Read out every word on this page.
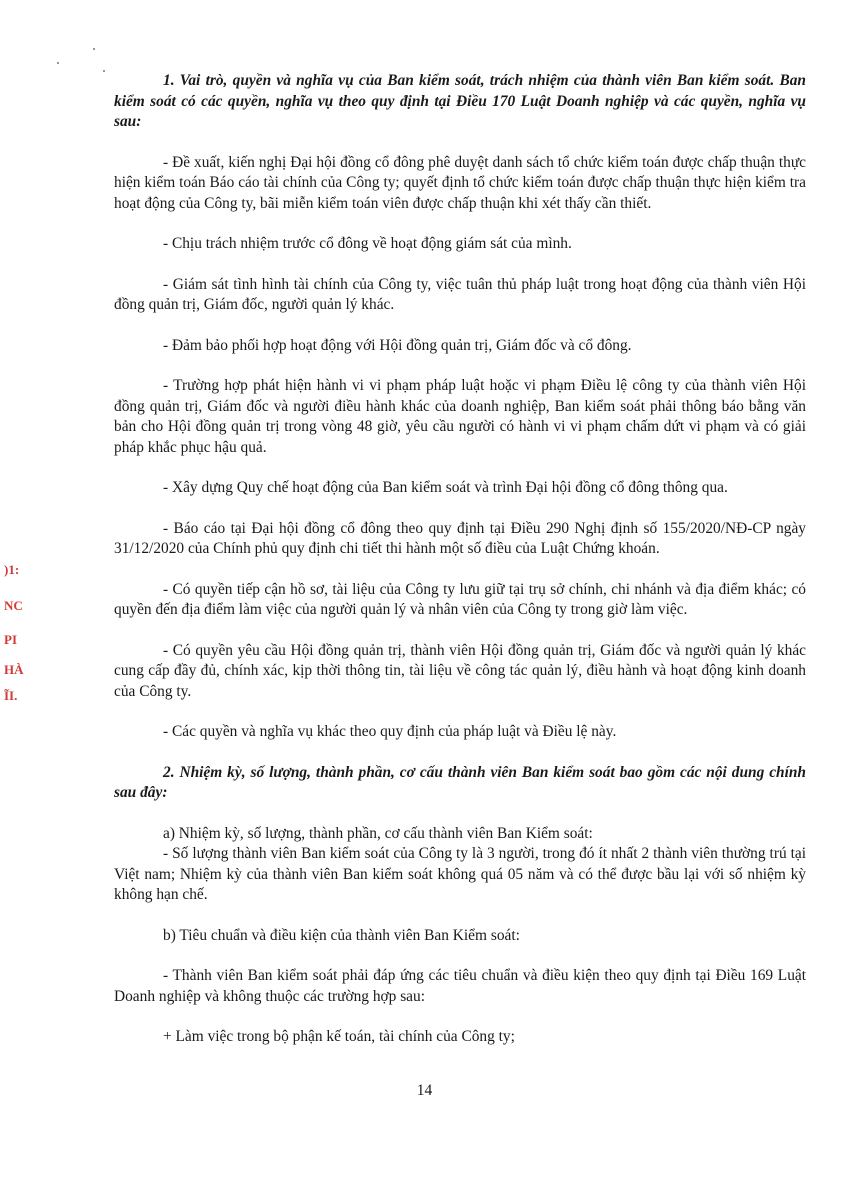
)1:
NC
PI
HÀ
ĨI.

1. Vai trò, quyền và nghĩa vụ của Ban kiểm soát, trách nhiệm của thành viên Ban kiểm soát. Ban kiểm soát có các quyền, nghĩa vụ theo quy định tại Điều 170 Luật Doanh nghiệp và các quyền, nghĩa vụ sau:

- Đề xuất, kiến nghị Đại hội đồng cổ đông phê duyệt danh sách tổ chức kiểm toán được chấp thuận thực hiện kiểm toán Báo cáo tài chính của Công ty; quyết định tổ chức kiểm toán được chấp thuận thực hiện kiểm tra hoạt động của Công ty, bãi miễn kiểm toán viên được chấp thuận khi xét thấy cần thiết.

- Chịu trách nhiệm trước cổ đông về hoạt động giám sát của mình.

- Giám sát tình hình tài chính của Công ty, việc tuân thủ pháp luật trong hoạt động của thành viên Hội đồng quản trị, Giám đốc, người quản lý khác.

- Đảm bảo phối hợp hoạt động với Hội đồng quản trị, Giám đốc và cổ đông.

- Trường hợp phát hiện hành vi vi phạm pháp luật hoặc vi phạm Điều lệ công ty của thành viên Hội đồng quản trị, Giám đốc và người điều hành khác của doanh nghiệp, Ban kiểm soát phải thông báo bằng văn bản cho Hội đồng quản trị trong vòng 48 giờ, yêu cầu người có hành vi vi phạm chấm dứt vi phạm và có giải pháp khắc phục hậu quả.

- Xây dựng Quy chế hoạt động của Ban kiểm soát và trình Đại hội đồng cổ đông thông qua.

- Báo cáo tại Đại hội đồng cổ đông theo quy định tại Điều 290 Nghị định số 155/2020/NĐ-CP ngày 31/12/2020 của Chính phủ quy định chi tiết thi hành một số điều của Luật Chứng khoán.

- Có quyền tiếp cận hồ sơ, tài liệu của Công ty lưu giữ tại trụ sở chính, chi nhánh và địa điểm khác; có quyền đến địa điểm làm việc của người quản lý và nhân viên của Công ty trong giờ làm việc.

- Có quyền yêu cầu Hội đồng quản trị, thành viên Hội đồng quản trị, Giám đốc và người quản lý khác cung cấp đầy đủ, chính xác, kịp thời thông tin, tài liệu về công tác quản lý, điều hành và hoạt động kinh doanh của Công ty.

- Các quyền và nghĩa vụ khác theo quy định của pháp luật và Điều lệ này.

2. Nhiệm kỳ, số lượng, thành phần, cơ cấu thành viên Ban kiểm soát bao gồm các nội dung chính sau đây:

a) Nhiệm kỳ, số lượng, thành phần, cơ cấu thành viên Ban Kiểm soát:

- Số lượng thành viên Ban kiểm soát của Công ty là 3 người, trong đó ít nhất 2 thành viên thường trú tại Việt nam; Nhiệm kỳ của thành viên Ban kiểm soát không quá 05 năm và có thể được bầu lại với số nhiệm kỳ không hạn chế.

b) Tiêu chuẩn và điều kiện của thành viên Ban Kiểm soát:

- Thành viên Ban kiểm soát phải đáp ứng các tiêu chuẩn và điều kiện theo quy định tại Điều 169 Luật Doanh nghiệp và không thuộc các trường hợp sau:

+ Làm việc trong bộ phận kế toán, tài chính của Công ty;

14
